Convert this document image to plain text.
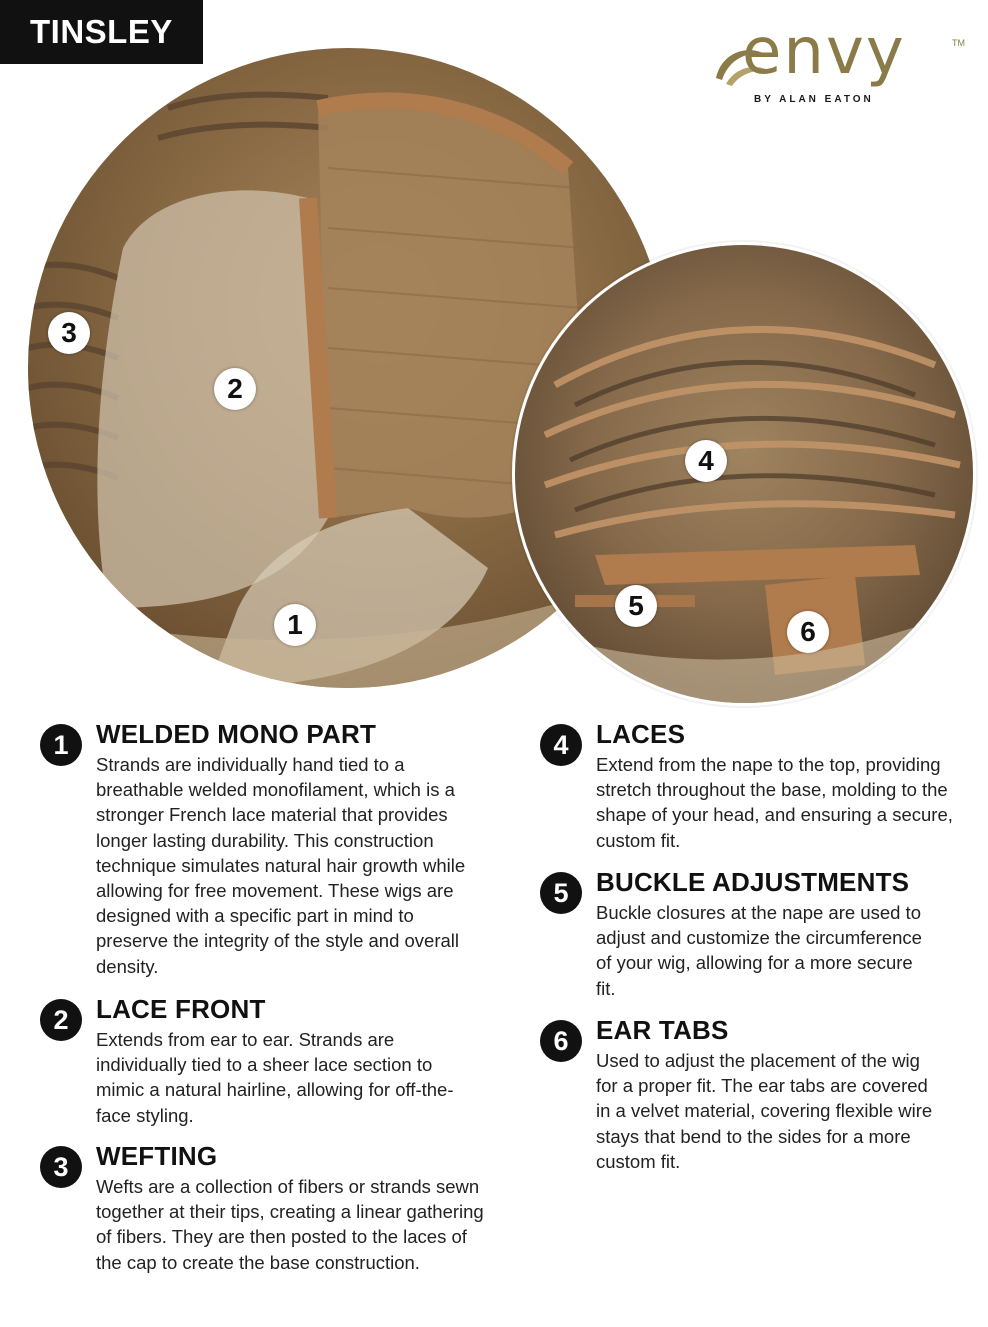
TINSLEY	envy	TM
BY ALAN EATON
3
2
1
4
5
6
1	WELDED MONO PART
Strands are individually hand tied to a breathable welded monofilament, which is a stronger French lace material that provides longer lasting durability. This construction technique simulates natural hair growth while allowing for free movement. These wigs are designed with a specific part in mind to preserve the integrity of the style and overall density.
2	LACE FRONT
Extends from ear to ear. Strands are individually tied to a sheer lace section to mimic a natural hairline, allowing for off-the-face styling.
3	WEFTING
Wefts are a collection of fibers or strands sewn together at their tips, creating a linear gathering of fibers. They are then posted to the laces of the cap to create the base construction.
4	LACES
Extend from the nape to the top, providing stretch throughout the base, molding to the shape of your head, and ensuring a secure, custom fit.
5	BUCKLE ADJUSTMENTS
Buckle closures at the nape are used to adjust and customize the circumference of your wig, allowing for a more secure fit.
6	EAR TABS
Used to adjust the placement of the wig for a proper fit. The ear tabs are covered in a velvet material, covering flexible wire stays that bend to the sides for a more custom fit.
